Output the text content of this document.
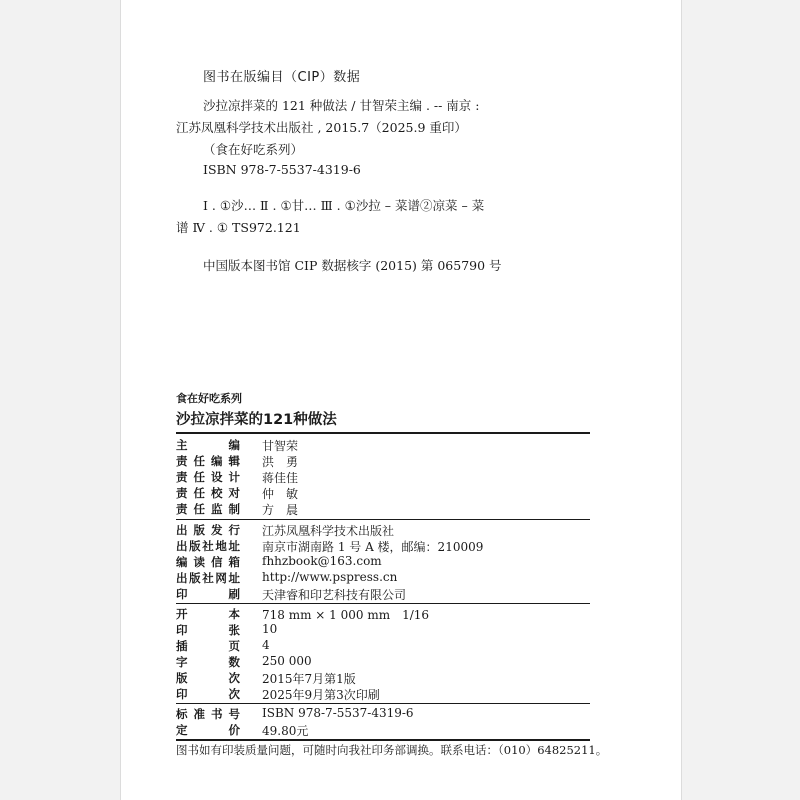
图书在版编目（CIP）数据
沙拉凉拌菜的 121 种做法 / 甘智荣主编 . -- 南京 :
江苏凤凰科学技术出版社 , 2015.7（2025.9 重印）
（食在好吃系列）
ISBN 978-7-5537-4319-6
Ⅰ . ①沙… Ⅱ . ①甘… Ⅲ . ①沙拉 – 菜谱②凉菜 – 菜
谱 Ⅳ . ① TS972.121
中国版本图书馆 CIP 数据核字 (2015) 第 065790 号
食在好吃系列
沙拉凉拌菜的121种做法
主　　编 甘智荣
责任编辑 洪　勇
责任设计 蒋佳佳
责任校对 仲　敏
责任监制 方　晨
出版发行 江苏凤凰科学技术出版社
出版社地址 南京市湖南路 1 号 A 楼，邮编：210009
编读信箱 fhhzbook@163.com
出版社网址 http://www.pspress.cn
印　　刷 天津睿和印艺科技有限公司
开　　本 718 mm × 1 000 mm　1/16
印　　张 10
插　　页 4
字　　数 250 000
版　　次 2015年7月第1版
印　　次 2025年9月第3次印刷
标准书号 ISBN 978-7-5537-4319-6
定　　价 49.80元
图书如有印装质量问题，可随时向我社印务部调换。联系电话：（010）64825211。
